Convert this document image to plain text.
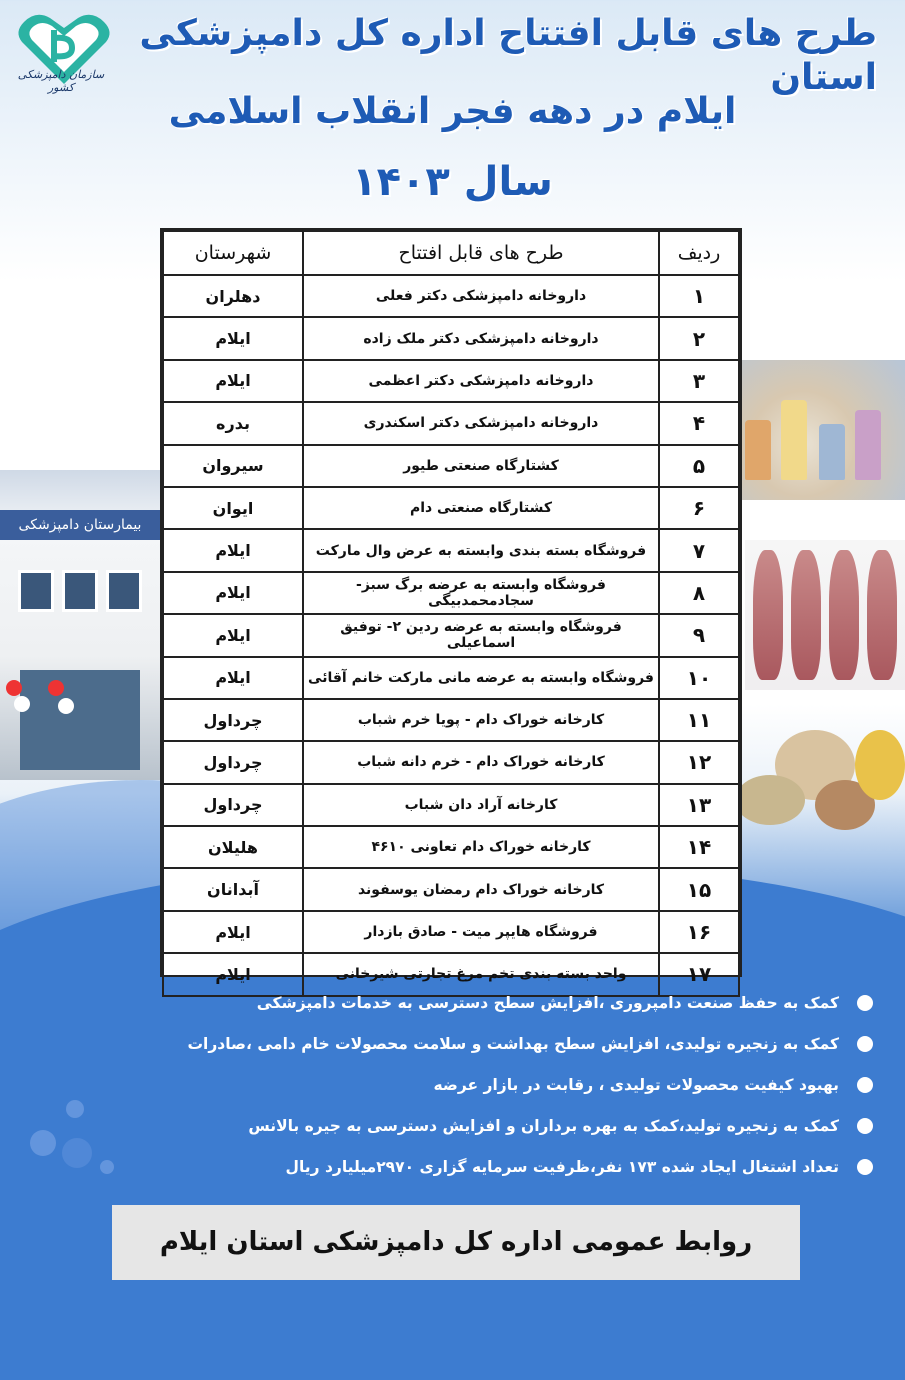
سازمان دامپزشکی کشور
طرح های قابل افتتاح اداره کل دامپزشکی استان
ایلام در دهه فجر انقلاب اسلامی
سال ۱۴۰۳
بیمارستان دامپزشکی
ردیف	طرح های قابل افتتاح	شهرستان
۱	داروخانه دامپزشکی دکتر فعلی	دهلران
۲	داروخانه دامپزشکی دکتر ملک زاده	ایلام
۳	داروخانه دامپزشکی دکتر اعظمی	ایلام
۴	داروخانه دامپزشکی دکتر اسکندری	بدره
۵	کشتارگاه صنعتی طیور	سیروان
۶	کشتارگاه صنعتی دام	ایوان
۷	فروشگاه بسته بندی وابسته به عرض وال مارکت	ایلام
۸	فروشگاه وابسته به عرضه برگ سبز- سجادمحمدبیگی	ایلام
۹	فروشگاه وابسته به عرضه ردین ۲- توفیق اسماعیلی	ایلام
۱۰	فروشگاه وابسته به عرضه مانی مارکت خانم آقائی	ایلام
۱۱	کارخانه خوراک دام - پویا خرم شباب	چرداول
۱۲	کارخانه خوراک دام - خرم دانه شباب	چرداول
۱۳	کارخانه آراد دان شباب	چرداول
۱۴	کارخانه خوراک دام تعاونی ۴۶۱۰	هلیلان
۱۵	کارخانه خوراک دام رمضان یوسفوند	آبدانان
۱۶	فروشگاه هایپر میت - صادق بازدار	ایلام
۱۷	واحد بسته بندی تخم مرغ تجارتی شیرخانی	ایلام
کمک به حفظ صنعت دامپروری ،افزایش سطح دسترسی به خدمات دامپزشکی
کمک به زنجیره تولیدی، افزایش سطح بهداشت و سلامت محصولات خام دامی ،صادرات
بهبود کیفیت محصولات تولیدی ، رقابت در بازار عرضه
کمک به زنجیره تولید،کمک به بهره برداران و افزایش دسترسی به جیره بالانس
تعداد اشتغال ایجاد شده ۱۷۳ نفر،ظرفیت سرمایه گزاری ۲۹۷۰میلیارد ریال
روابط عمومی اداره کل دامپزشکی استان ایلام
